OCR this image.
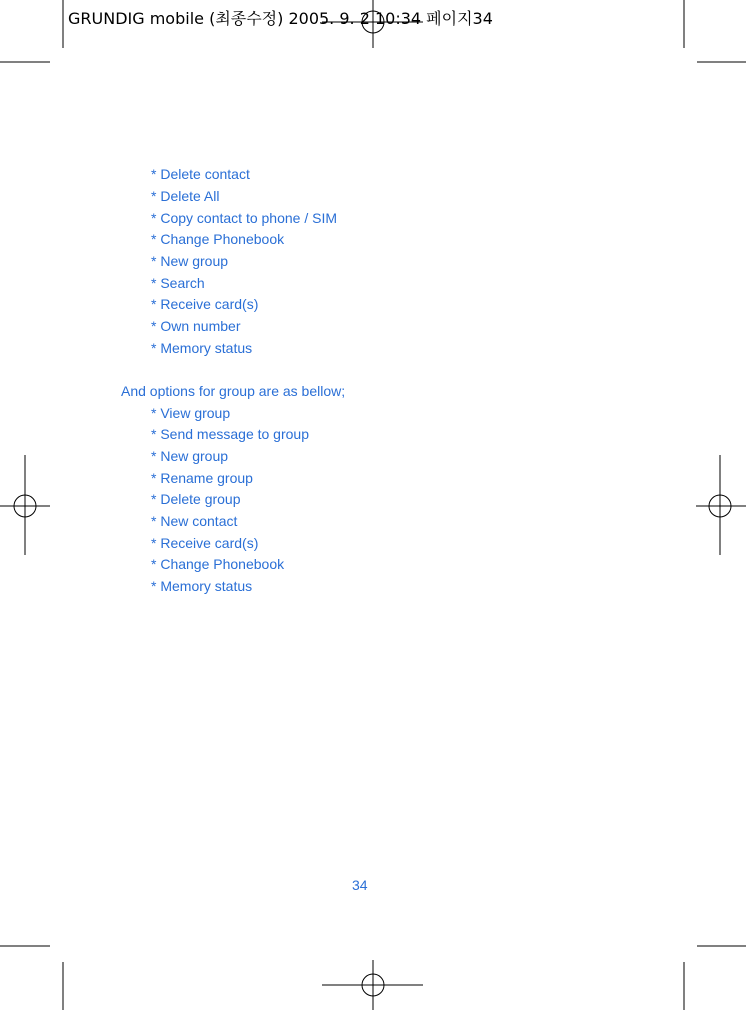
GRUNDIG mobile (최종수정) 2005. 9. 2 10:34 페이지34
* Delete contact
* Delete All
* Copy contact to phone / SIM
* Change Phonebook
* New group
* Search
* Receive card(s)
* Own number
* Memory status
And options for group are as bellow;
* View group
* Send message to group
* New group
* Rename group
* Delete group
* New contact
* Receive card(s)
* Change Phonebook
* Memory status
34
